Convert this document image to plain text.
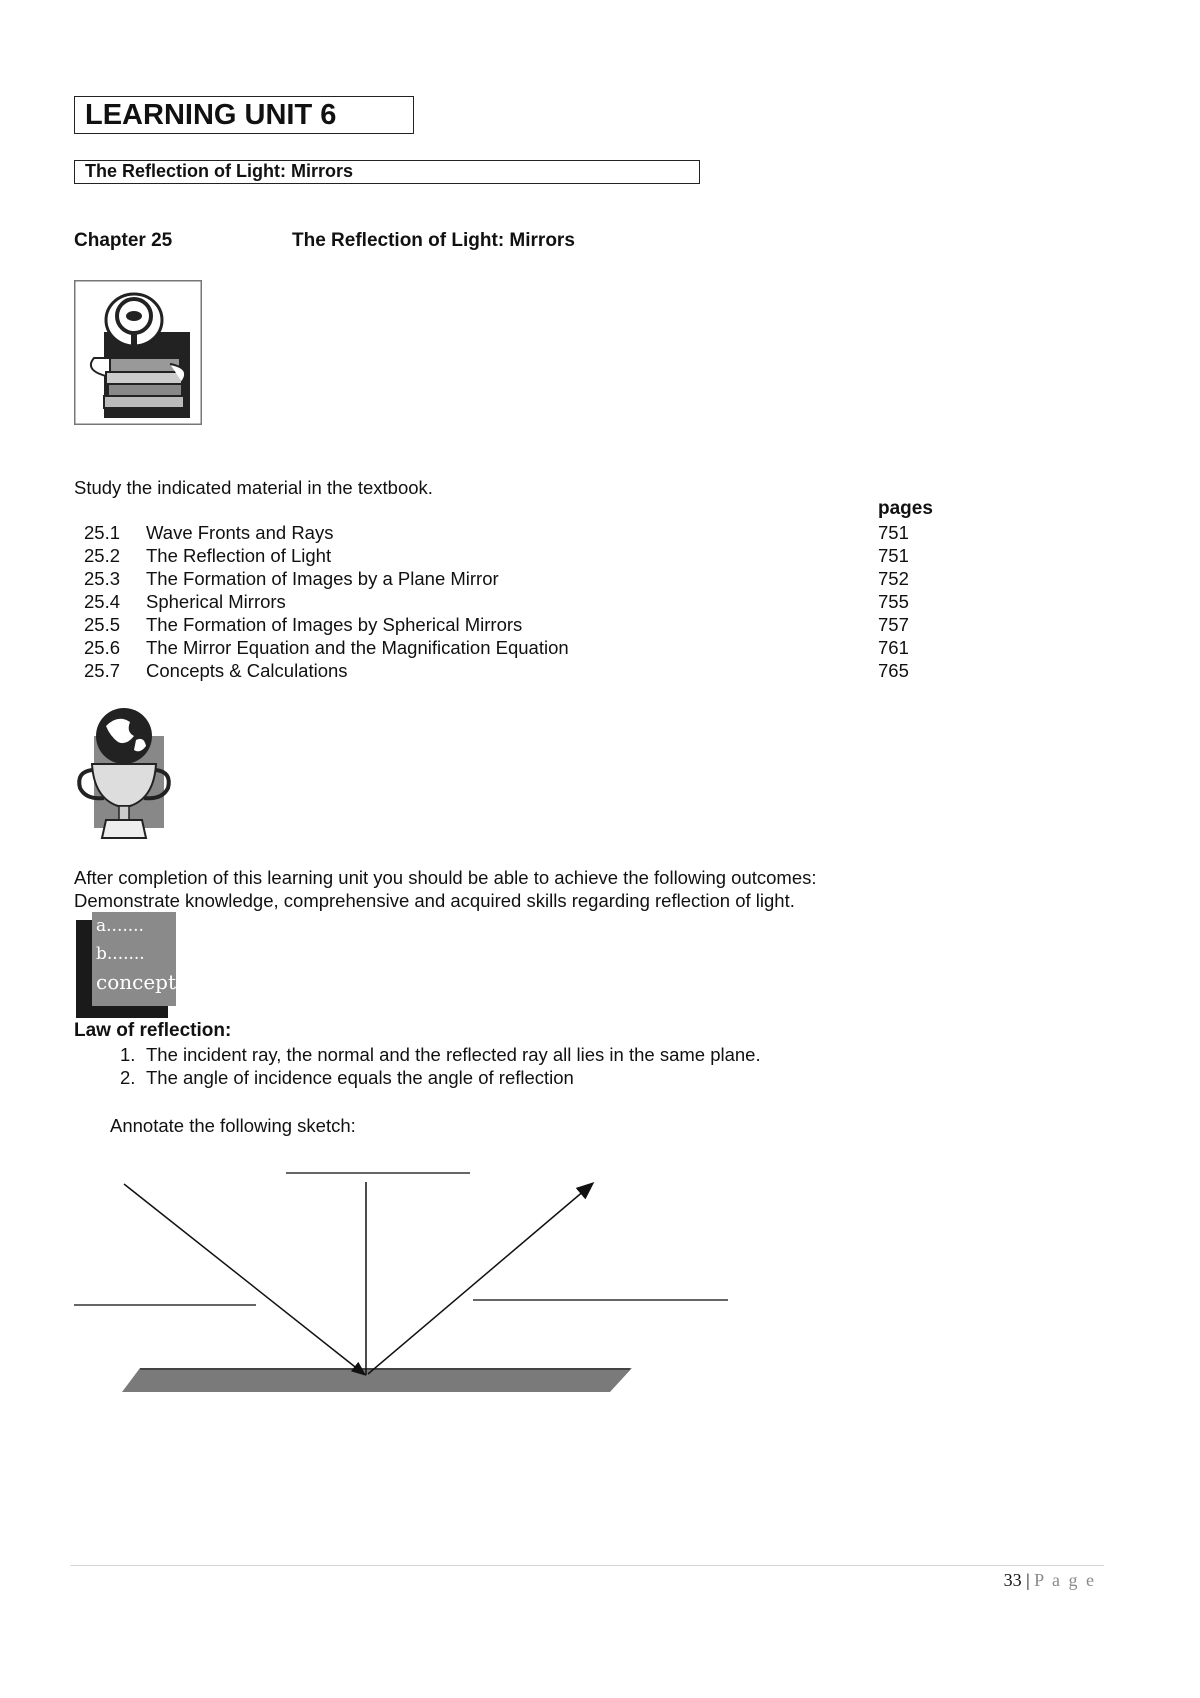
LEARNING UNIT 6
The Reflection of Light: Mirrors
Chapter 25	The Reflection of Light: Mirrors
Study the indicated material in the textbook.
pages
25.1 Wave Fronts and Rays	751
25.2 The Reflection of Light	751
25.3 The Formation of Images by a Plane Mirror	752
25.4 Spherical Mirrors	755
25.5 The Formation of Images by Spherical Mirrors	757
25.6 The Mirror Equation and the Magnification Equation	761
25.7 Concepts & Calculations	765
After completion of this learning unit you should be able to achieve the following outcomes:
Demonstrate knowledge, comprehensive and acquired skills regarding reflection of light.
a.......
b.......
concept
Law of reflection:
1. The incident ray, the normal and the reflected ray all lies in the same plane.
2. The angle of incidence equals the angle of reflection
Annotate the following sketch:
33 | P a g e
